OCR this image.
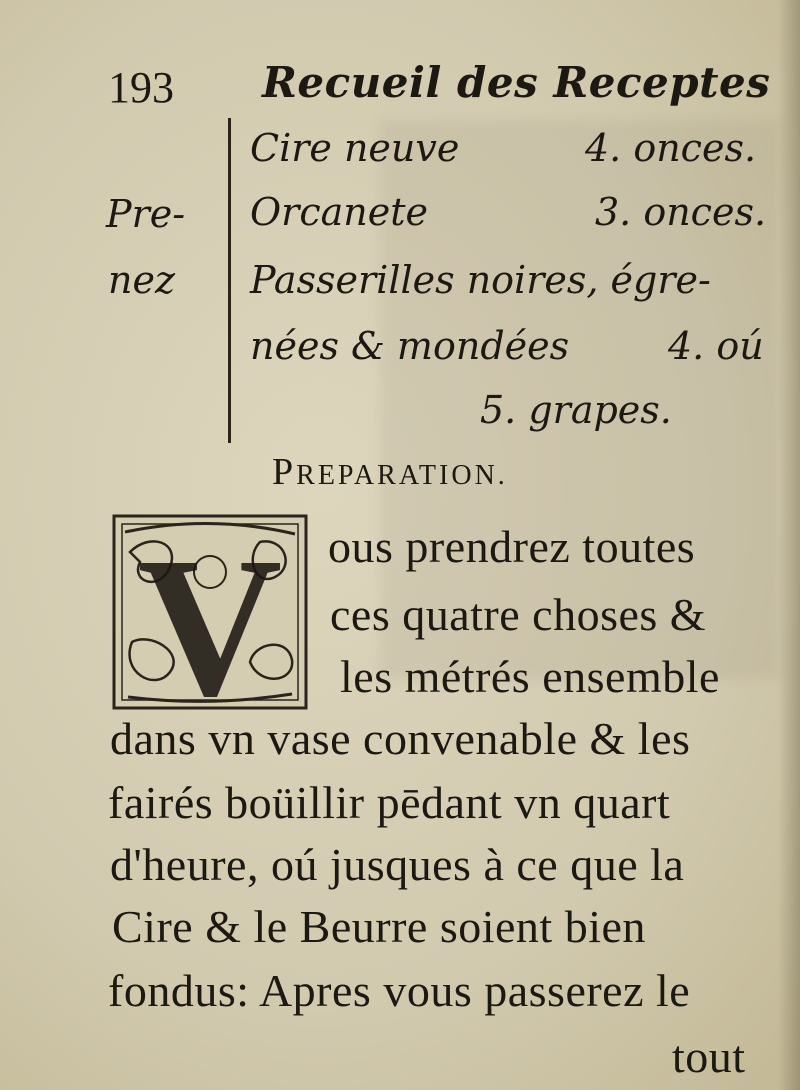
193 Recueil des Receptes
Pre-
nez
Cire neuve	4. onces.
Orcanete	3. onces.
Passerilles noires, égre-
nées & mondées	4. oú
5. grapes.
PREPARATION.
V ous prendrez toutes
ces quatre choses &
les métrés ensemble
dans vn vase convenable & les
fairés boüillir pēdant vn quart
d'heure, oú jusques à ce que la
Cire & le Beurre soient bien
fondus: Apres vous passerez le
tout
